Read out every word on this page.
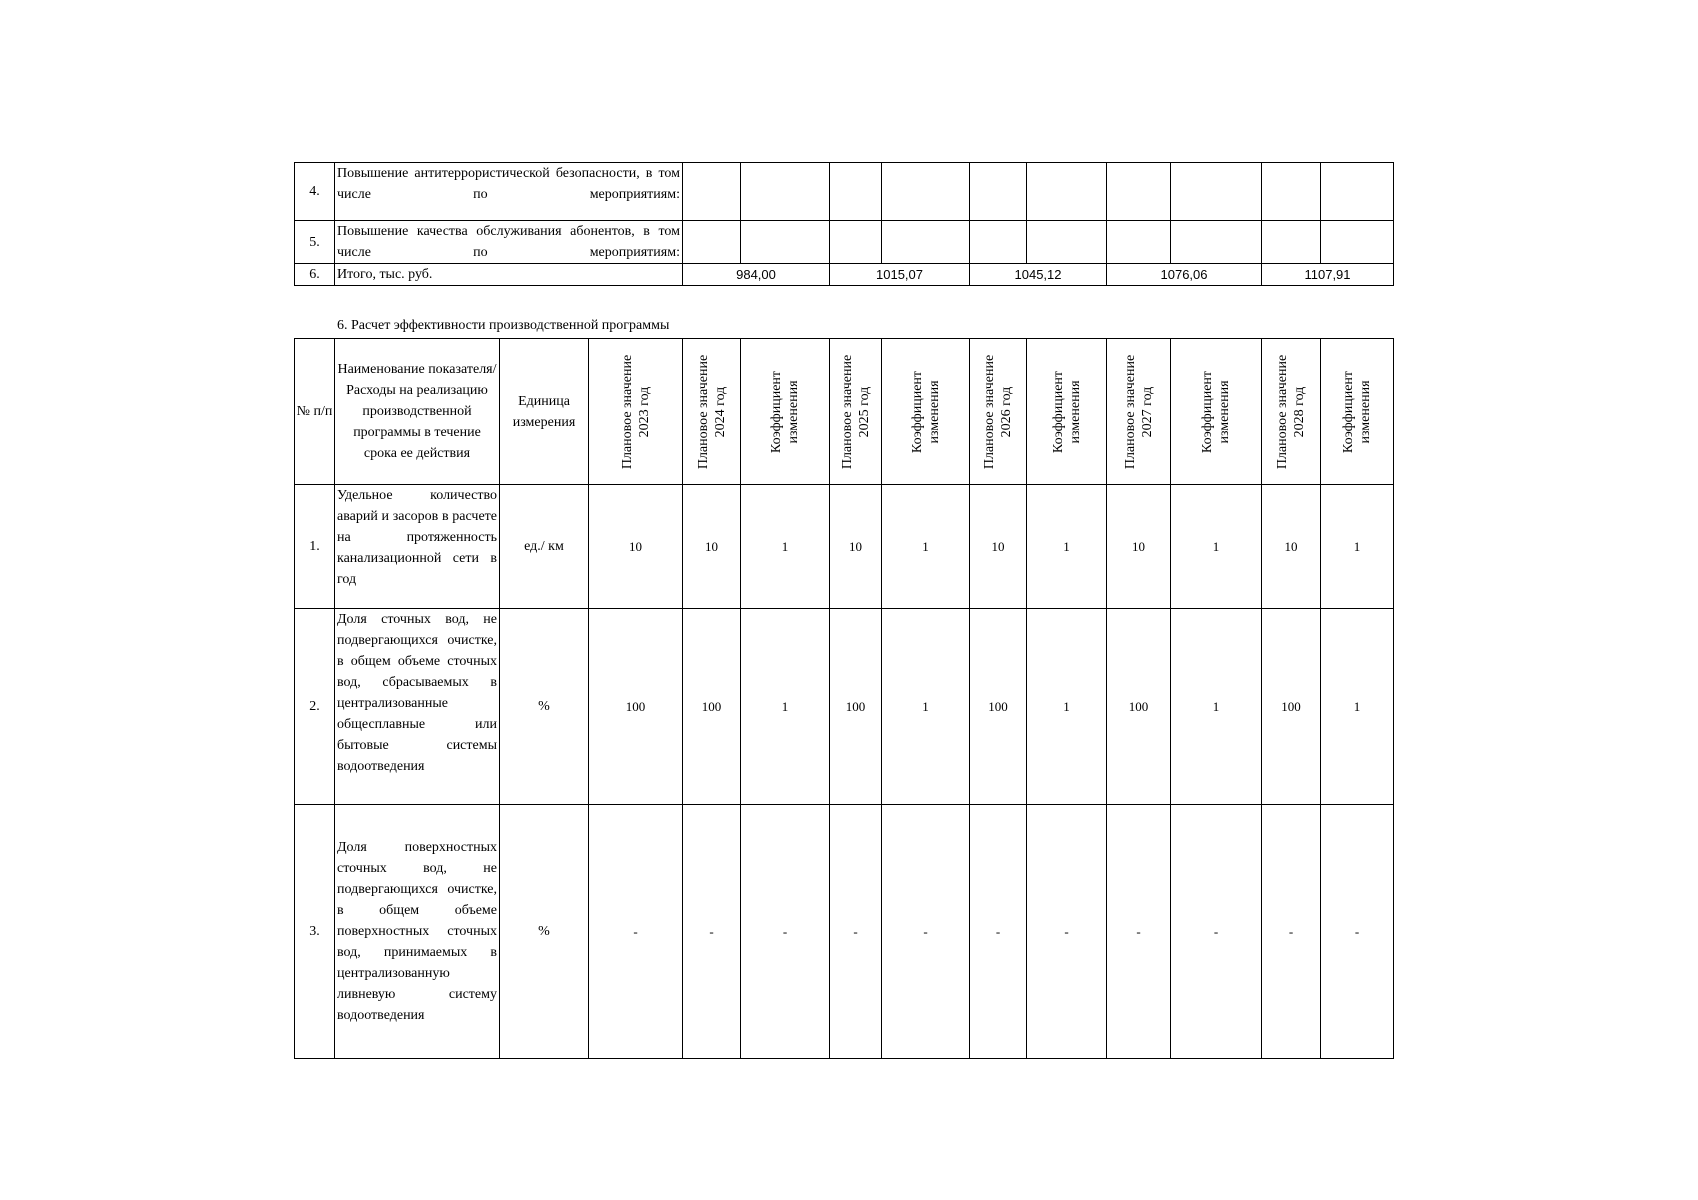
4.	Повышение антитеррористической безопасности, в том числе по мероприятиям:										
5.	Повышение качества обслуживания абонентов, в том числе по мероприятиям:										
6.	Итого, тыс. руб.	984,00		1015,07		1045,12		1076,06		1107,91	
6. Расчет эффективности производственной программы
№ п/п	Наименование показателя/Расходы на реализацию производственной программы в течение срока ее действия	Единица измерения	Плановое значение 2023 год	Плановое значение 2024 год	Коэффициент изменения	Плановое значение 2025 год	Коэффициент изменения	Плановое значение 2026 год	Коэффициент изменения	Плановое значение 2027 год	Коэффициент изменения	Плановое значение 2028 год	Коэффициент изменения

1.	Удельное количество аварий и засоров в расчете на протяженность канализационной сети в год	ед./ км	10	10	1	10	1	10	1	10	1	10	1
2.	Доля сточных вод, не подвергающихся очистке, в общем объеме сточных вод, сбрасываемых в централизованные общесплавные или бытовые системы водоотведения	%	100	100	1	100	1	100	1	100	1	100	1
3.	Доля поверхностных сточных вод, не подвергающихся очистке, в общем объеме поверхностных сточных вод, принимаемых в централизованную ливневую систему водоотведения	%	-	-	-	-	-	-	-	-	-	-	-
